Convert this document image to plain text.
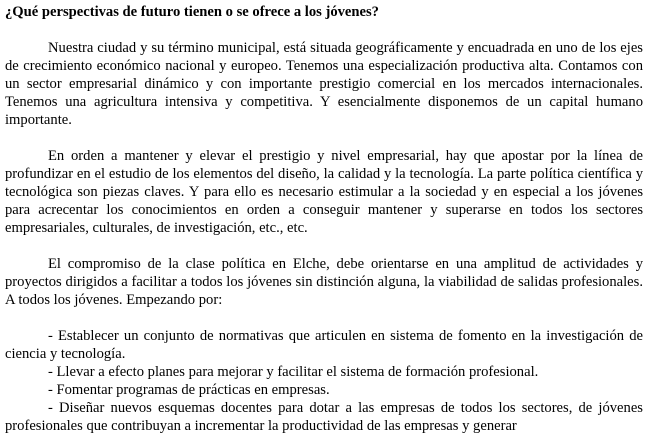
¿Qué perspectivas de futuro tienen o se ofrece a los jóvenes?

Nuestra ciudad y su término municipal, está situada geográficamente y encuadrada en uno de los ejes de crecimiento económico nacional y europeo. Tenemos una especialización productiva alta. Contamos con un sector empresarial dinámico y con importante prestigio comercial en los mercados internacionales. Tenemos una agricultura intensiva y competitiva. Y esencialmente disponemos de un capital humano importante.

En orden a mantener y elevar el prestigio y nivel empresarial, hay que apostar por la línea de profundizar en el estudio de los elementos del diseño, la calidad y la tecnología. La parte política científica y tecnológica son piezas claves. Y para ello es necesario estimular a la sociedad y en especial a los jóvenes para acrecentar los conocimientos en orden a conseguir mantener y superarse en todos los sectores empresariales, culturales, de investigación, etc., etc.

El compromiso de la clase política en Elche, debe orientarse en una amplitud de actividades y proyectos dirigidos a facilitar a todos los jóvenes sin distinción alguna, la viabilidad de salidas profesionales. A todos los jóvenes. Empezando por:

- Establecer un conjunto de normativas que articulen en sistema de fomento en la investigación de ciencia y tecnología.
- Llevar a efecto planes para mejorar y facilitar el sistema de formación profesional.
- Fomentar programas de prácticas en empresas.
- Diseñar nuevos esquemas docentes para dotar a las empresas de todos los sectores, de jóvenes profesionales que contribuyan a incrementar la productividad de las empresas y generar
